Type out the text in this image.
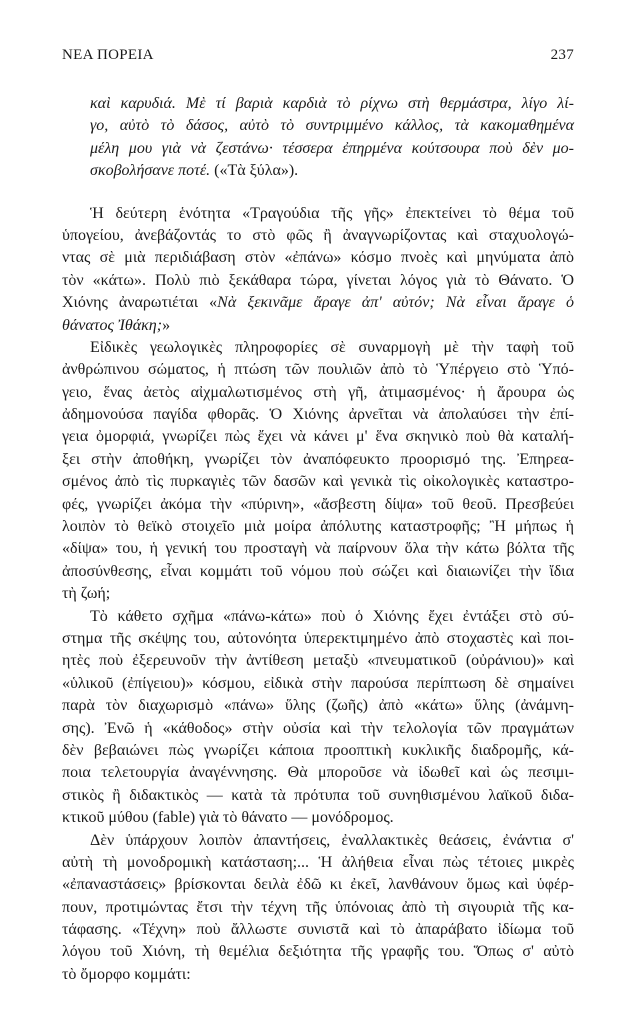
ΝΕΑ ΠΟΡΕΙΑ	237
καὶ καρυδιά. Μὲ τί βαριὰ καρδιὰ τὸ ρίχνω στὴ θερμάστρα, λίγο λί-
γο, αὐτὸ τὸ δάσος, αὐτὸ τὸ συντριμμένο κάλλος, τὰ κακομαθημένα
μέλη μου γιὰ νὰ ζεστάνω· τέσσερα ἐπηρμένα κούτσουρα ποὺ δὲν μο-
σκοβολήσανε ποτέ. («Τὰ ξύλα»).
Ἡ δεύτερη ἑνότητα «Τραγούδια τῆς γῆς» ἐπεκτείνει τὸ θέμα τοῦ
ὑπογείου, ἀνεβάζοντάς το στὸ φῶς ἢ ἀναγνωρίζοντας καὶ σταχυολογώ-
ντας σὲ μιὰ περιδιάβαση στὸν «ἐπάνω» κόσμο πνοὲς καὶ μηνύματα ἀπὸ
τὸν «κάτω». Πολὺ πιὸ ξεκάθαρα τώρα, γίνεται λόγος γιὰ τὸ Θάνατο. Ὁ
Χιόνης ἀναρωτιέται «Νὰ ξεκινᾶμε ἄραγε ἀπ' αὐτόν; Νὰ εἶναι ἄραγε ὁ
θάνατος Ἰθάκη;»
Εἰδικὲς γεωλογικὲς πληροφορίες σὲ συναρμογὴ μὲ τὴν ταφὴ τοῦ
ἀνθρώπινου σώματος, ἡ πτώση τῶν πουλιῶν ἀπὸ τὸ Ὑπέργειο στὸ Ὑπό-
γειο, ἕνας ἀετὸς αἰχμαλωτισμένος στὴ γῆ, ἀτιμασμένος· ἡ ἄρουρα ὡς
ἀδημονούσα παγίδα φθορᾶς. Ὁ Χιόνης ἀρνεῖται νὰ ἀπολαύσει τὴν ἐπί-
γεια ὀμορφιά, γνωρίζει πὼς ἔχει νὰ κάνει μ' ἕνα σκηνικὸ ποὺ θὰ καταλή-
ξει στὴν ἀποθήκη, γνωρίζει τὸν ἀναπόφευκτο προορισμό της. Ἐπηρεα-
σμένος ἀπὸ τὶς πυρκαγιὲς τῶν δασῶν καὶ γενικὰ τὶς οἰκολογικὲς καταστρο-
φές, γνωρίζει ἀκόμα τὴν «πύρινη», «ἄσβεστη δίψα» τοῦ θεοῦ. Πρεσβεύει
λοιπὸν τὸ θεϊκὸ στοιχεῖο μιὰ μοίρα ἀπόλυτης καταστροφῆς; Ἢ μήπως ἡ
«δίψα» του, ἡ γενική του προσταγὴ νὰ παίρνουν ὅλα τὴν κάτω βόλτα τῆς
ἀποσύνθεσης, εἶναι κομμάτι τοῦ νόμου ποὺ σώζει καὶ διαιωνίζει τὴν ἴδια
τὴ ζωή;
Τὸ κάθετο σχῆμα «πάνω-κάτω» ποὺ ὁ Χιόνης ἔχει ἐντάξει στὸ σύ-
στημα τῆς σκέψης του, αὐτονόητα ὑπερεκτιμημένο ἀπὸ στοχαστὲς καὶ ποι-
ητὲς ποὺ ἐξερευνοῦν τὴν ἀντίθεση μεταξὺ «πνευματικοῦ (οὐράνιου)» καὶ
«ὑλικοῦ (ἐπίγειου)» κόσμου, εἰδικὰ στὴν παρούσα περίπτωση δὲ σημαίνει
παρὰ τὸν διαχωρισμὸ «πάνω» ὕλης (ζωῆς) ἀπὸ «κάτω» ὕλης (ἀνάμνη-
σης). Ἐνῶ ἡ «κάθοδος» στὴν οὐσία καὶ τὴν τελολογία τῶν πραγμάτων
δὲν βεβαιώνει πὼς γνωρίζει κάποια προοπτικὴ κυκλικῆς διαδρομῆς, κά-
ποια τελετουργία ἀναγέννησης. Θὰ μποροῦσε νὰ ἰδωθεῖ καὶ ὡς πεσιμι-
στικὸς ἢ διδακτικὸς — κατὰ τὰ πρότυπα τοῦ συνηθισμένου λαϊκοῦ διδα-
κτικοῦ μύθου (fable) γιὰ τὸ θάνατο — μονόδρομος.
Δὲν ὑπάρχουν λοιπὸν ἀπαντήσεις, ἐναλλακτικὲς θεάσεις, ἐνάντια σ'
αὐτὴ τὴ μονοδρομικὴ κατάσταση;... Ἡ ἀλήθεια εἶναι πὼς τέτοιες μικρὲς
«ἐπαναστάσεις» βρίσκονται δειλὰ ἐδῶ κι ἐκεῖ, λανθάνουν ὅμως καὶ ὑφέρ-
πουν, προτιμώντας ἔτσι τὴν τέχνη τῆς ὑπόνοιας ἀπὸ τὴ σιγουριὰ τῆς κα-
τάφασης. «Τέχνη» ποὺ ἄλλωστε συνιστᾶ καὶ τὸ ἀπαράβατο ἰδίωμα τοῦ
λόγου τοῦ Χιόνη, τὴ θεμέλια δεξιότητα τῆς γραφῆς του. Ὅπως σ' αὐτὸ
τὸ ὄμορφο κομμάτι:
